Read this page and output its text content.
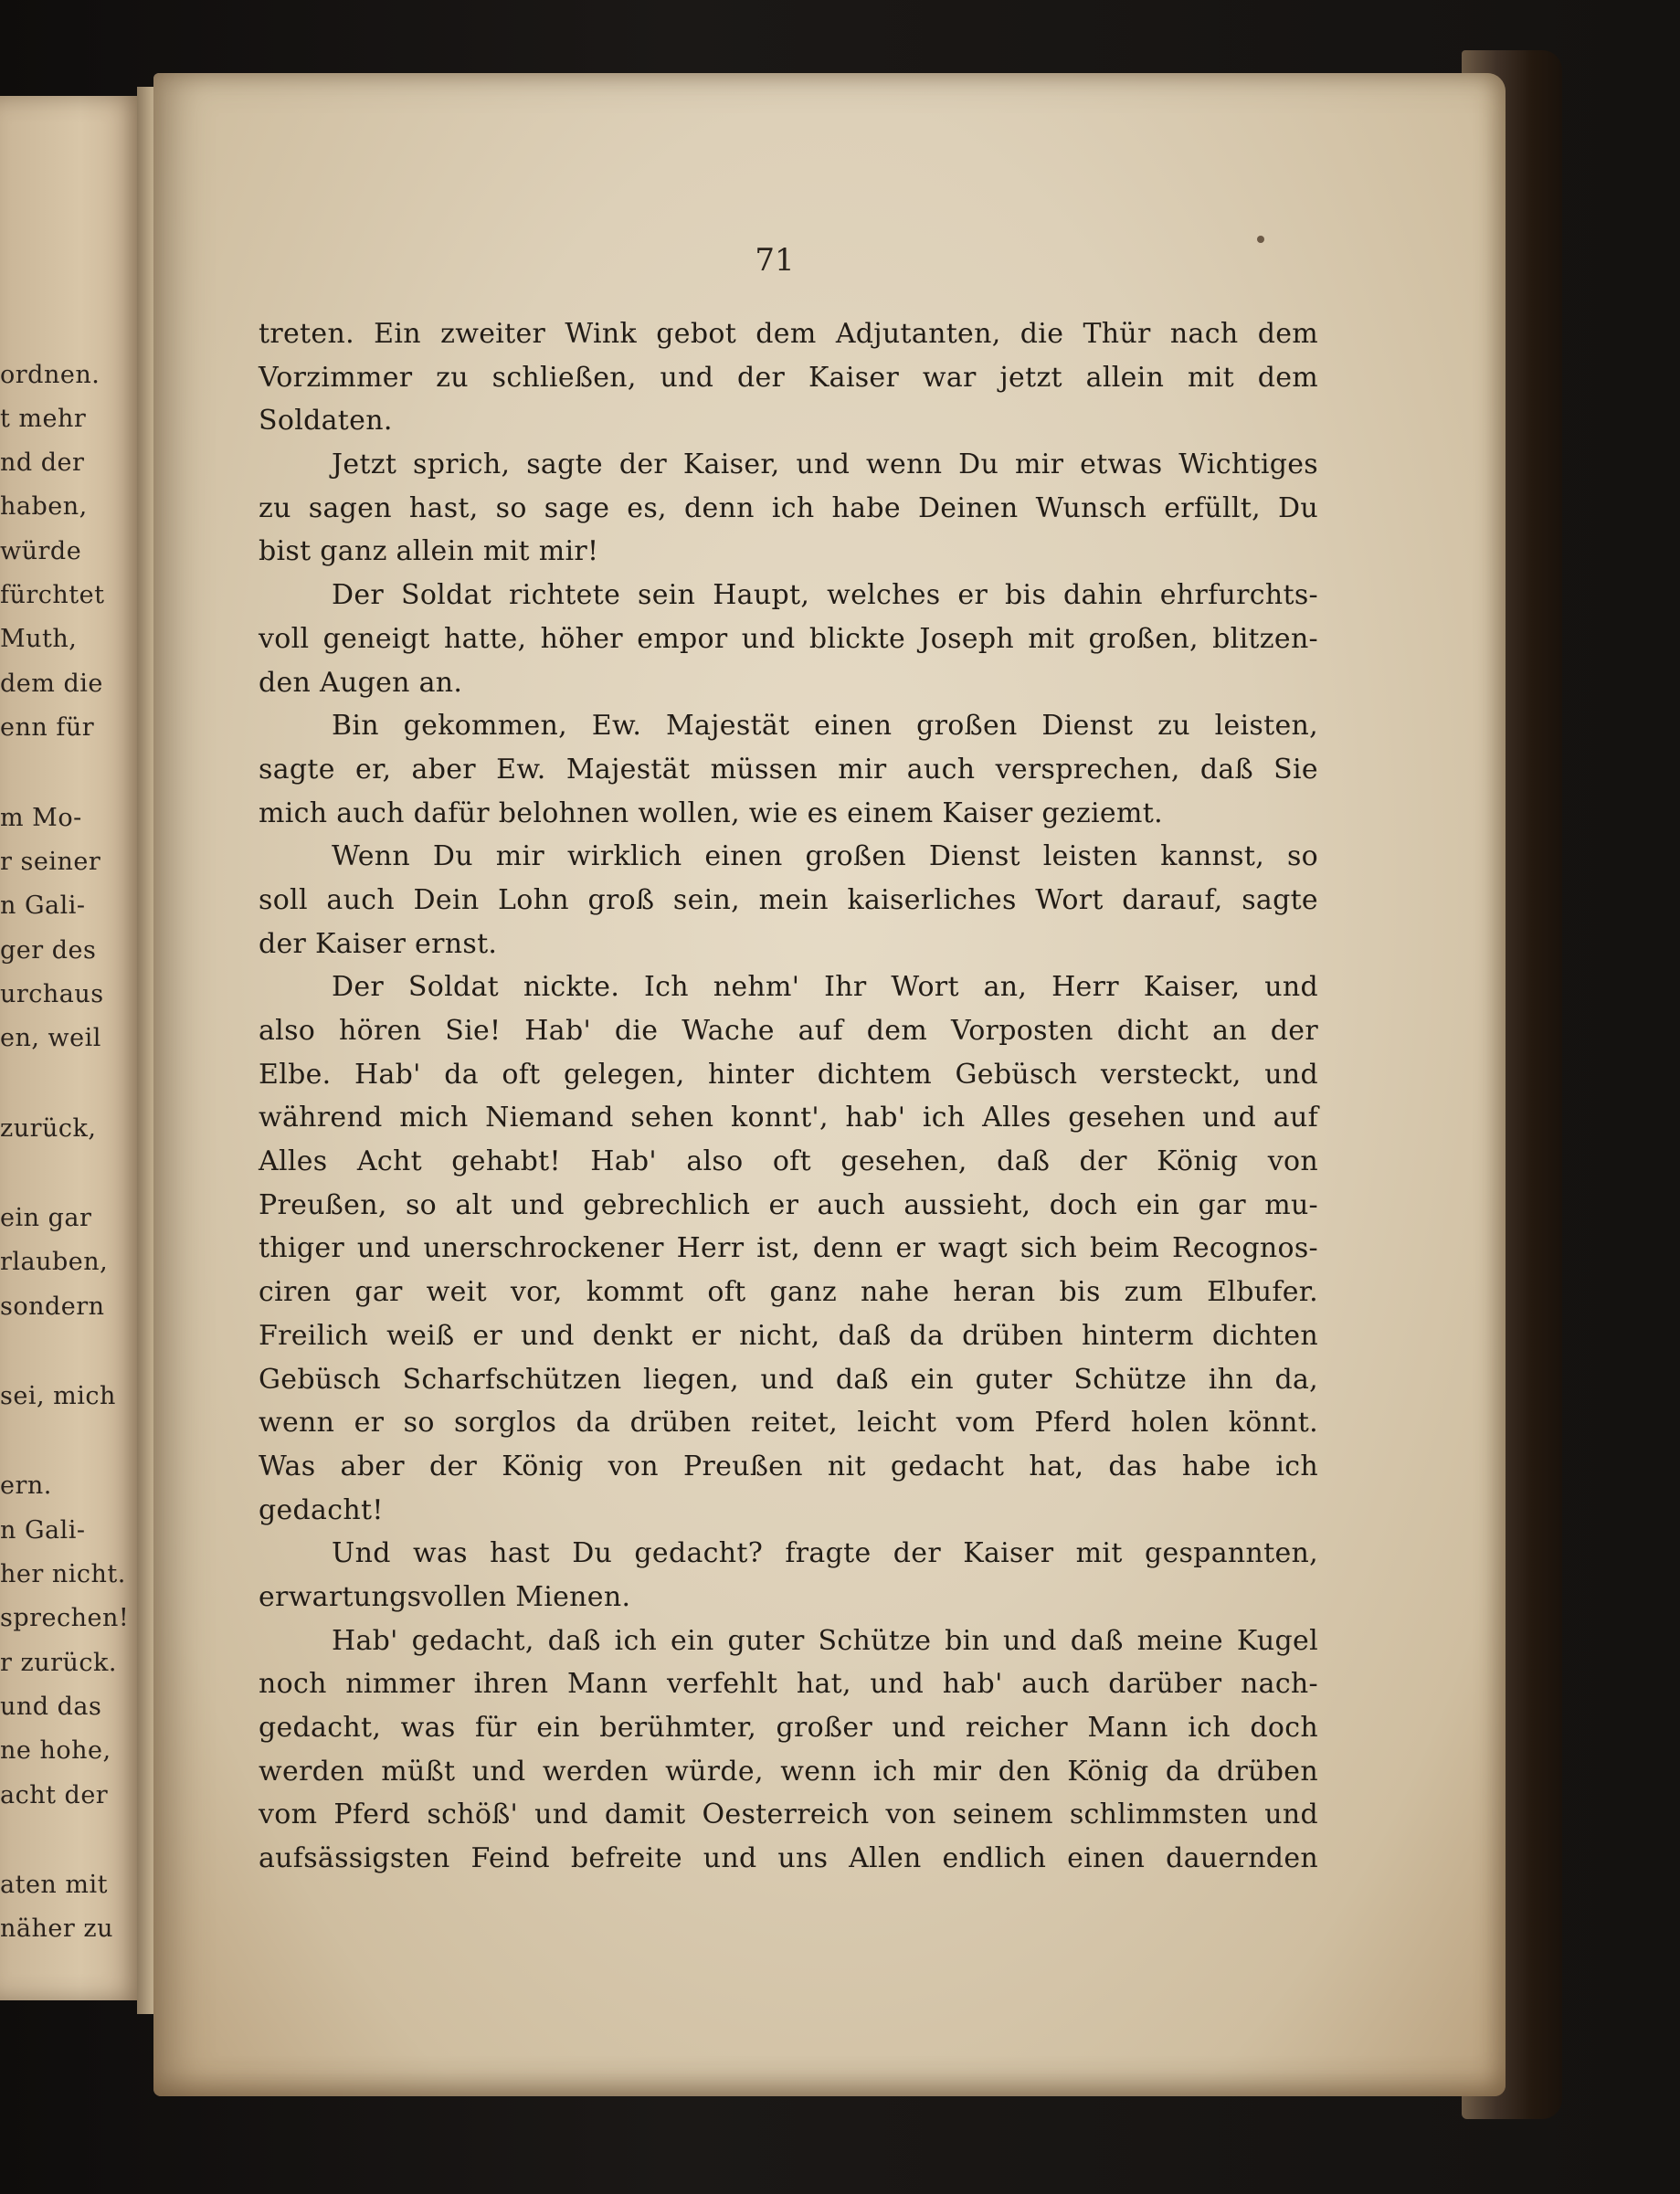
ordnen.
t mehr
nd der
haben,
würde
fürchtet
Muth,
dem die
enn für
m Mo-
r seiner
n Gali-
ger des
urchaus
en, weil
zurück,
ein gar
rlauben,
sondern
sei, mich
ern.
n Gali-
her nicht.
sprechen!
r zurück.
und das
ne hohe,
acht der
aten mit
näher zu
71
treten. Ein zweiter Wink gebot dem Adjutanten, die Thür nach dem
Vorzimmer zu schließen, und der Kaiser war jetzt allein mit dem
Soldaten.
Jetzt sprich, sagte der Kaiser, und wenn Du mir etwas Wichtiges
zu sagen hast, so sage es, denn ich habe Deinen Wunsch erfüllt, Du
bist ganz allein mit mir!
Der Soldat richtete sein Haupt, welches er bis dahin ehrfurchts-
voll geneigt hatte, höher empor und blickte Joseph mit großen, blitzen-
den Augen an.
Bin gekommen, Ew. Majestät einen großen Dienst zu leisten,
sagte er, aber Ew. Majestät müssen mir auch versprechen, daß Sie
mich auch dafür belohnen wollen, wie es einem Kaiser geziemt.
Wenn Du mir wirklich einen großen Dienst leisten kannst, so
soll auch Dein Lohn groß sein, mein kaiserliches Wort darauf, sagte
der Kaiser ernst.
Der Soldat nickte. Ich nehm' Ihr Wort an, Herr Kaiser, und
also hören Sie! Hab' die Wache auf dem Vorposten dicht an der
Elbe. Hab' da oft gelegen, hinter dichtem Gebüsch versteckt, und
während mich Niemand sehen konnt', hab' ich Alles gesehen und auf
Alles Acht gehabt! Hab' also oft gesehen, daß der König von
Preußen, so alt und gebrechlich er auch aussieht, doch ein gar mu-
thiger und unerschrockener Herr ist, denn er wagt sich beim Recognos-
ciren gar weit vor, kommt oft ganz nahe heran bis zum Elbufer.
Freilich weiß er und denkt er nicht, daß da drüben hinterm dichten
Gebüsch Scharfschützen liegen, und daß ein guter Schütze ihn da,
wenn er so sorglos da drüben reitet, leicht vom Pferd holen könnt.
Was aber der König von Preußen nit gedacht hat, das habe ich
gedacht!
Und was hast Du gedacht? fragte der Kaiser mit gespannten,
erwartungsvollen Mienen.
Hab' gedacht, daß ich ein guter Schütze bin und daß meine Kugel
noch nimmer ihren Mann verfehlt hat, und hab' auch darüber nach-
gedacht, was für ein berühmter, großer und reicher Mann ich doch
werden müßt und werden würde, wenn ich mir den König da drüben
vom Pferd schöß' und damit Oesterreich von seinem schlimmsten und
aufsässigsten Feind befreite und uns Allen endlich einen dauernden
